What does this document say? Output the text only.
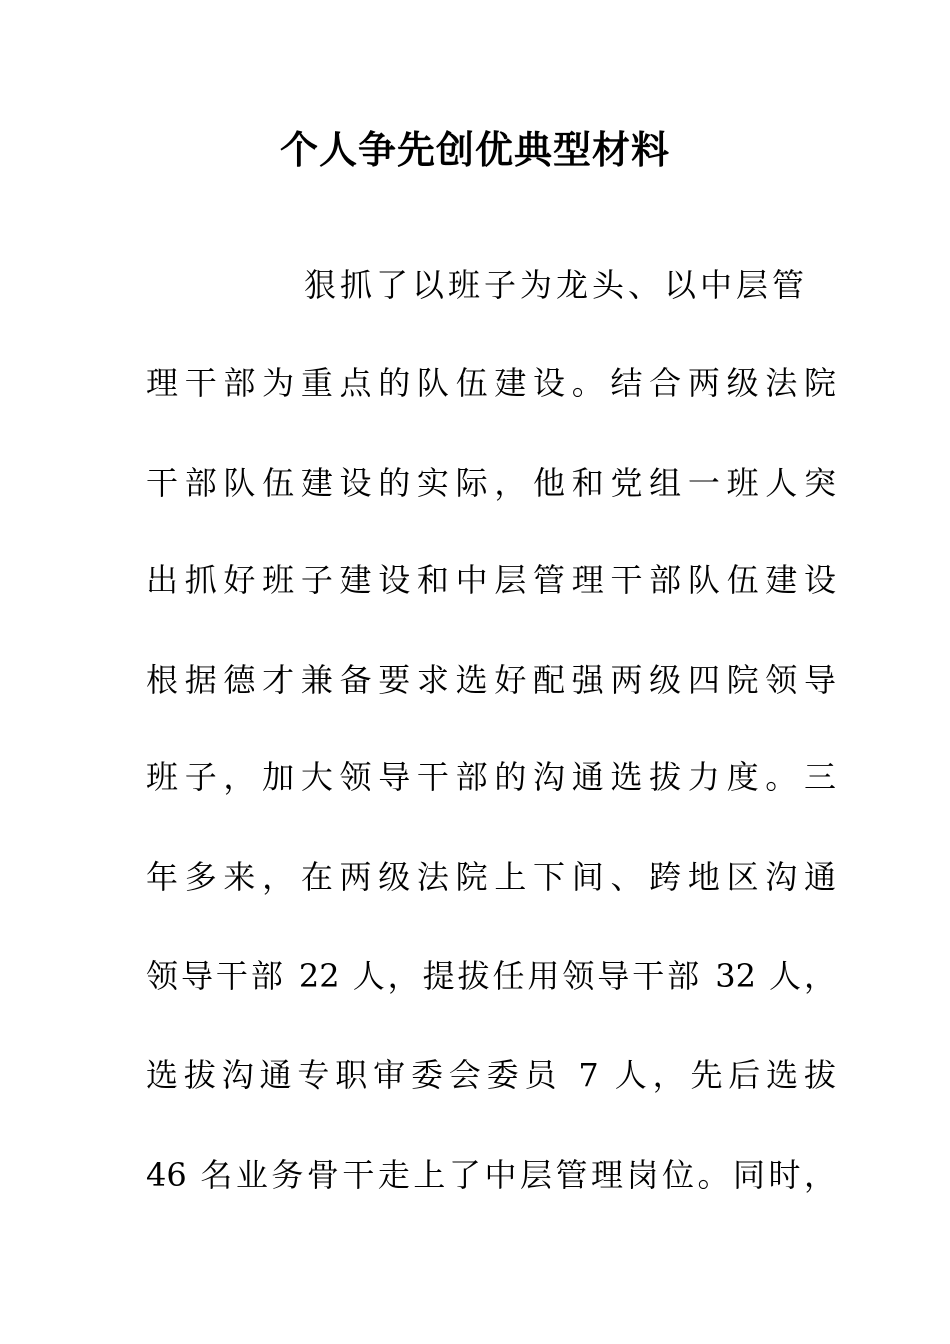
个人争先创优典型材料
狠抓了以班子为龙头、以中层管
理干部为重点的队伍建设。结合两级法院
干部队伍建设的实际，他和党组一班人突
出抓好班子建设和中层管理干部队伍建设
根据德才兼备要求选好配强两级四院领导
班子，加大领导干部的沟通选拔力度。三
年多来，在两级法院上下间、跨地区沟通
领导干部 22 人，提拔任用领导干部 32 人，
选拔沟通专职审委会委员 7 人，先后选拔
46 名业务骨干走上了中层管理岗位。同时，
